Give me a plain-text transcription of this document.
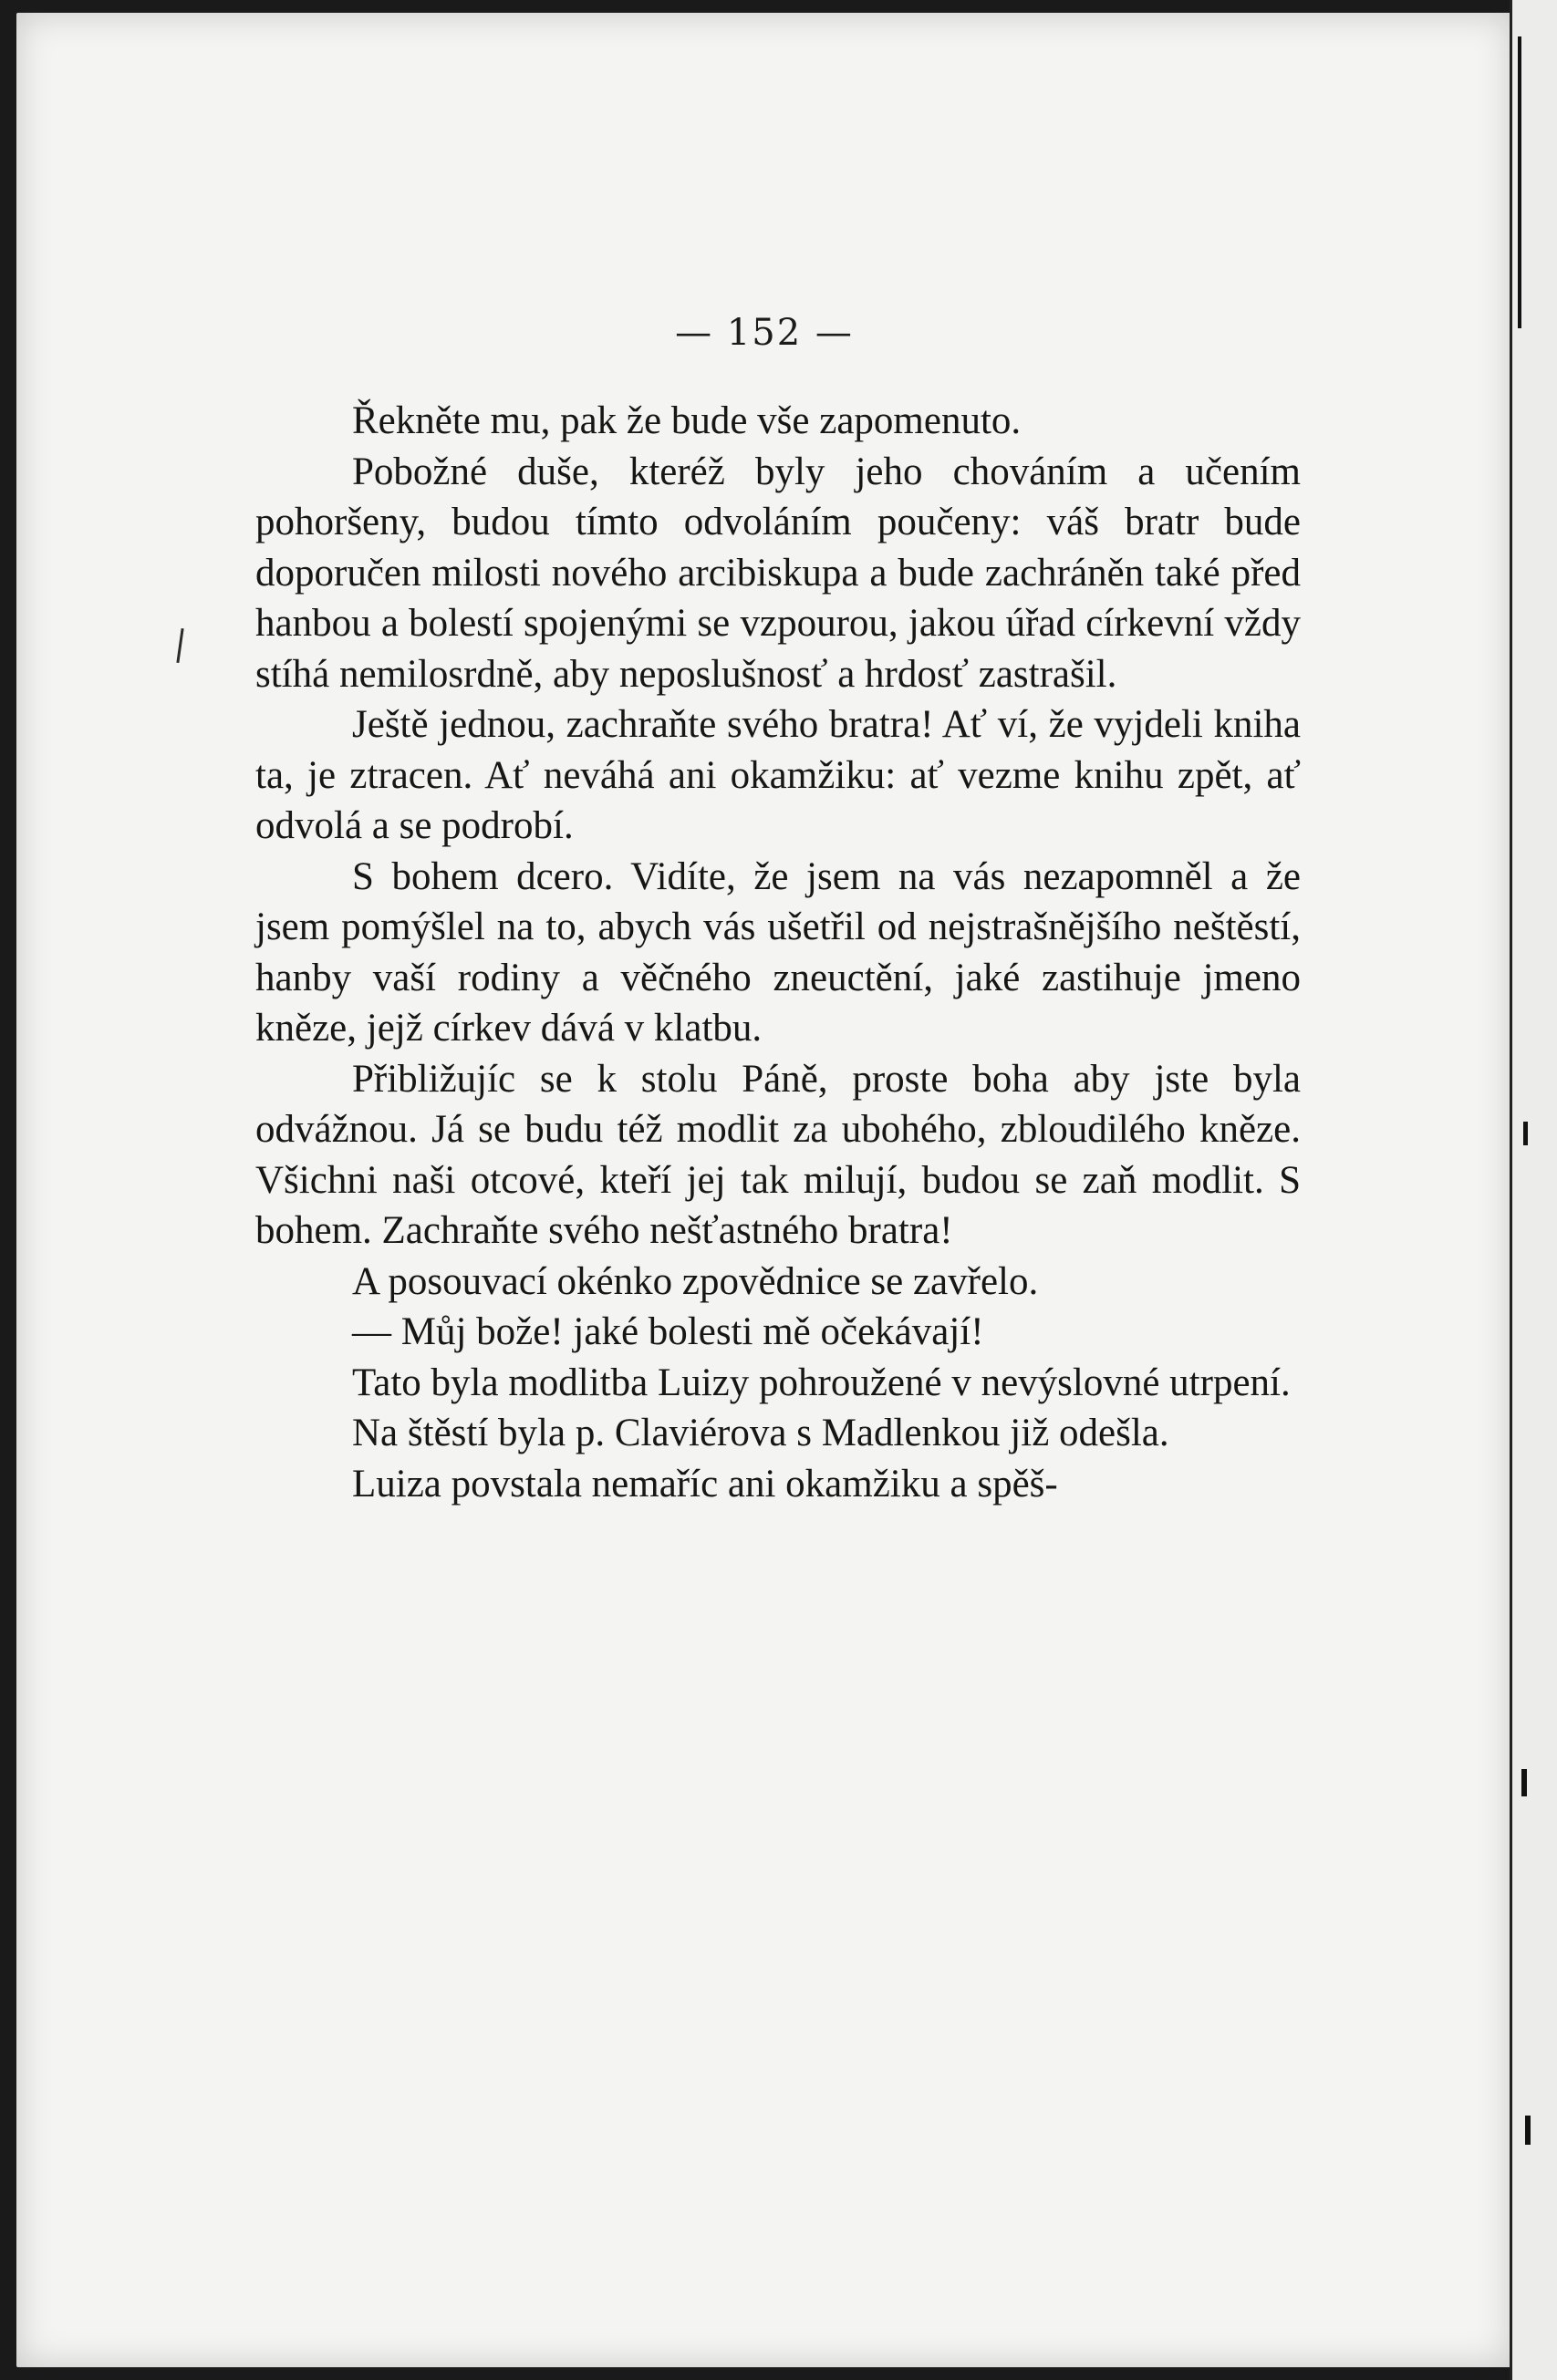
— 152 —

Řekněte mu, pak že bude vše zapomenuto.

Pobožné duše, kteréž byly jeho chováním a učením pohoršeny, budou tímto odvoláním poučeny: váš bratr bude doporučen milosti nového arcibiskupa a bude zachráněn také před hanbou a bolestí spojenými se vzpourou, jakou úřad církevní vždy stíhá nemilosrdně, aby neposlušnosť a hrdosť zastrašil.

Ještě jednou, zachraňte svého bratra! Ať ví, že vyjdeli kniha ta, je ztracen. Ať neváhá ani okamžiku: ať vezme knihu zpět, ať odvolá a se podrobí.

S bohem dcero. Vidíte, že jsem na vás nezapomněl a že jsem pomýšlel na to, abych vás ušetřil od nejstrašnějšího neštěstí, hanby vaší rodiny a věčného zneuctění, jaké zastihuje jmeno kněze, jejž církev dává v klatbu.

Přibližujíc se k stolu Páně, proste boha aby jste byla odvážnou. Já se budu též modlit za ubohého, zbloudilého kněze. Všichni naši otcové, kteří jej tak milují, budou se zaň modlit. S bohem. Zachraňte svého nešťastného bratra!

A posouvací okénko zpovědnice se zavřelo.

— Můj bože! jaké bolesti mě očekávají!

Tato byla modlitba Luizy pohroužené v nevýslovné utrpení.

Na štěstí byla p. Claviérova s Madlenkou již odešla.

Luiza povstala nemaříc ani okamžiku a spěš-
